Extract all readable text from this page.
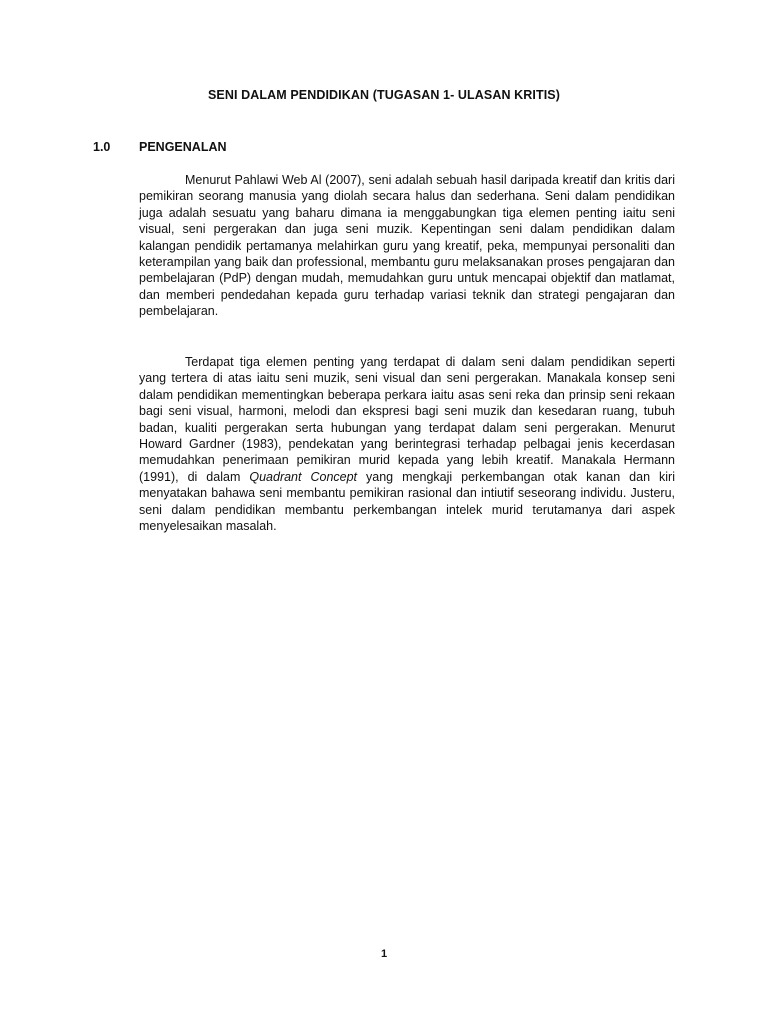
SENI DALAM PENDIDIKAN (TUGASAN 1- ULASAN KRITIS)
1.0 PENGENALAN

Menurut Pahlawi Web Al (2007), seni adalah sebuah hasil daripada kreatif dan kritis dari pemikiran seorang manusia yang diolah secara halus dan sederhana. Seni dalam pendidikan juga adalah sesuatu yang baharu dimana ia menggabungkan tiga elemen penting iaitu seni visual, seni pergerakan dan juga seni muzik. Kepentingan seni dalam pendidikan dalam kalangan pendidik pertamanya melahirkan guru yang kreatif, peka, mempunyai personaliti dan keterampilan yang baik dan professional, membantu guru melaksanakan proses pengajaran dan pembelajaran (PdP) dengan mudah, memudahkan guru untuk mencapai objektif dan matlamat, dan memberi pendedahan kepada guru terhadap variasi teknik dan strategi pengajaran dan pembelajaran.

Terdapat tiga elemen penting yang terdapat di dalam seni dalam pendidikan seperti yang tertera di atas iaitu seni muzik, seni visual dan seni pergerakan. Manakala konsep seni dalam pendidikan mementingkan beberapa perkara iaitu asas seni reka dan prinsip seni rekaan bagi seni visual, harmoni, melodi dan ekspresi bagi seni muzik dan kesedaran ruang, tubuh badan, kualiti pergerakan serta hubungan yang terdapat dalam seni pergerakan. Menurut Howard Gardner (1983), pendekatan yang berintegrasi terhadap pelbagai jenis kecerdasan memudahkan penerimaan pemikiran murid kepada yang lebih kreatif. Manakala Hermann (1991), di dalam Quadrant Concept yang mengkaji perkembangan otak kanan dan kiri menyatakan bahawa seni membantu pemikiran rasional dan intiutif seseorang individu. Justeru, seni dalam pendidikan membantu perkembangan intelek murid terutamanya dari aspek menyelesaikan masalah.

1
